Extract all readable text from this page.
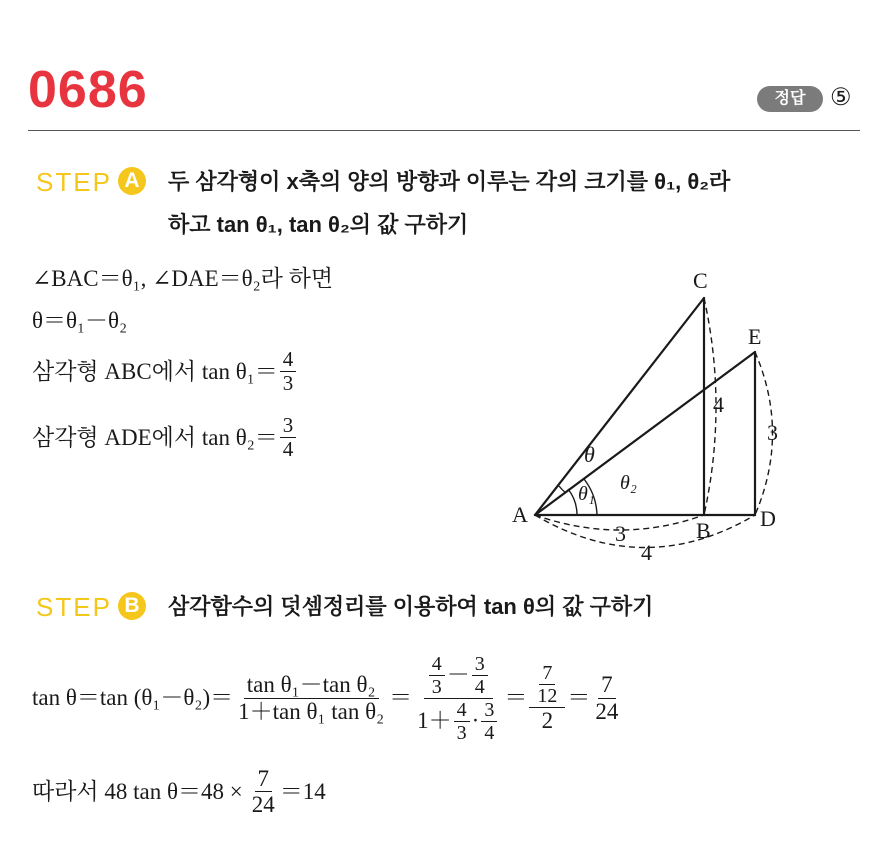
0686	정답	⑤
STEP A 두 삼각형이 x축의 양의 방향과 이루는 각의 크기를 θ₁, θ₂라
하고 tan θ₁, tan θ₂의 값 구하기
∠BAC＝θ₁, ∠DAE＝θ₂라 하면
θ＝θ₁－θ₂
삼각형 ABC에서 $\tan \theta_1= \frac{4}{3}$
삼각형 ADE에서 $\tan \theta_2= \frac{3}{4}$
A
B
C
D
E
θ
θ₁ θ₂
3
4
4
3
STEP B 삼각함수의 덧셈정리를 이용하여 tan θ의 값 구하기
tan θ＝tan $(\theta_1-\theta_2)= \frac{\text{tan θ₁－tan θ₂}}{\text{1＋tan θ₁ tan θ₂}} = \frac{4}{3} - \frac{3}{4}$
$1+ \frac{4}{3} \cdot \frac{3}{4}$
＝ $\frac{\frac{7}{12}}{2} = \frac{7}{24}$
따라서 48 $\tan \theta=48 \times \frac{7}{24} =14$
